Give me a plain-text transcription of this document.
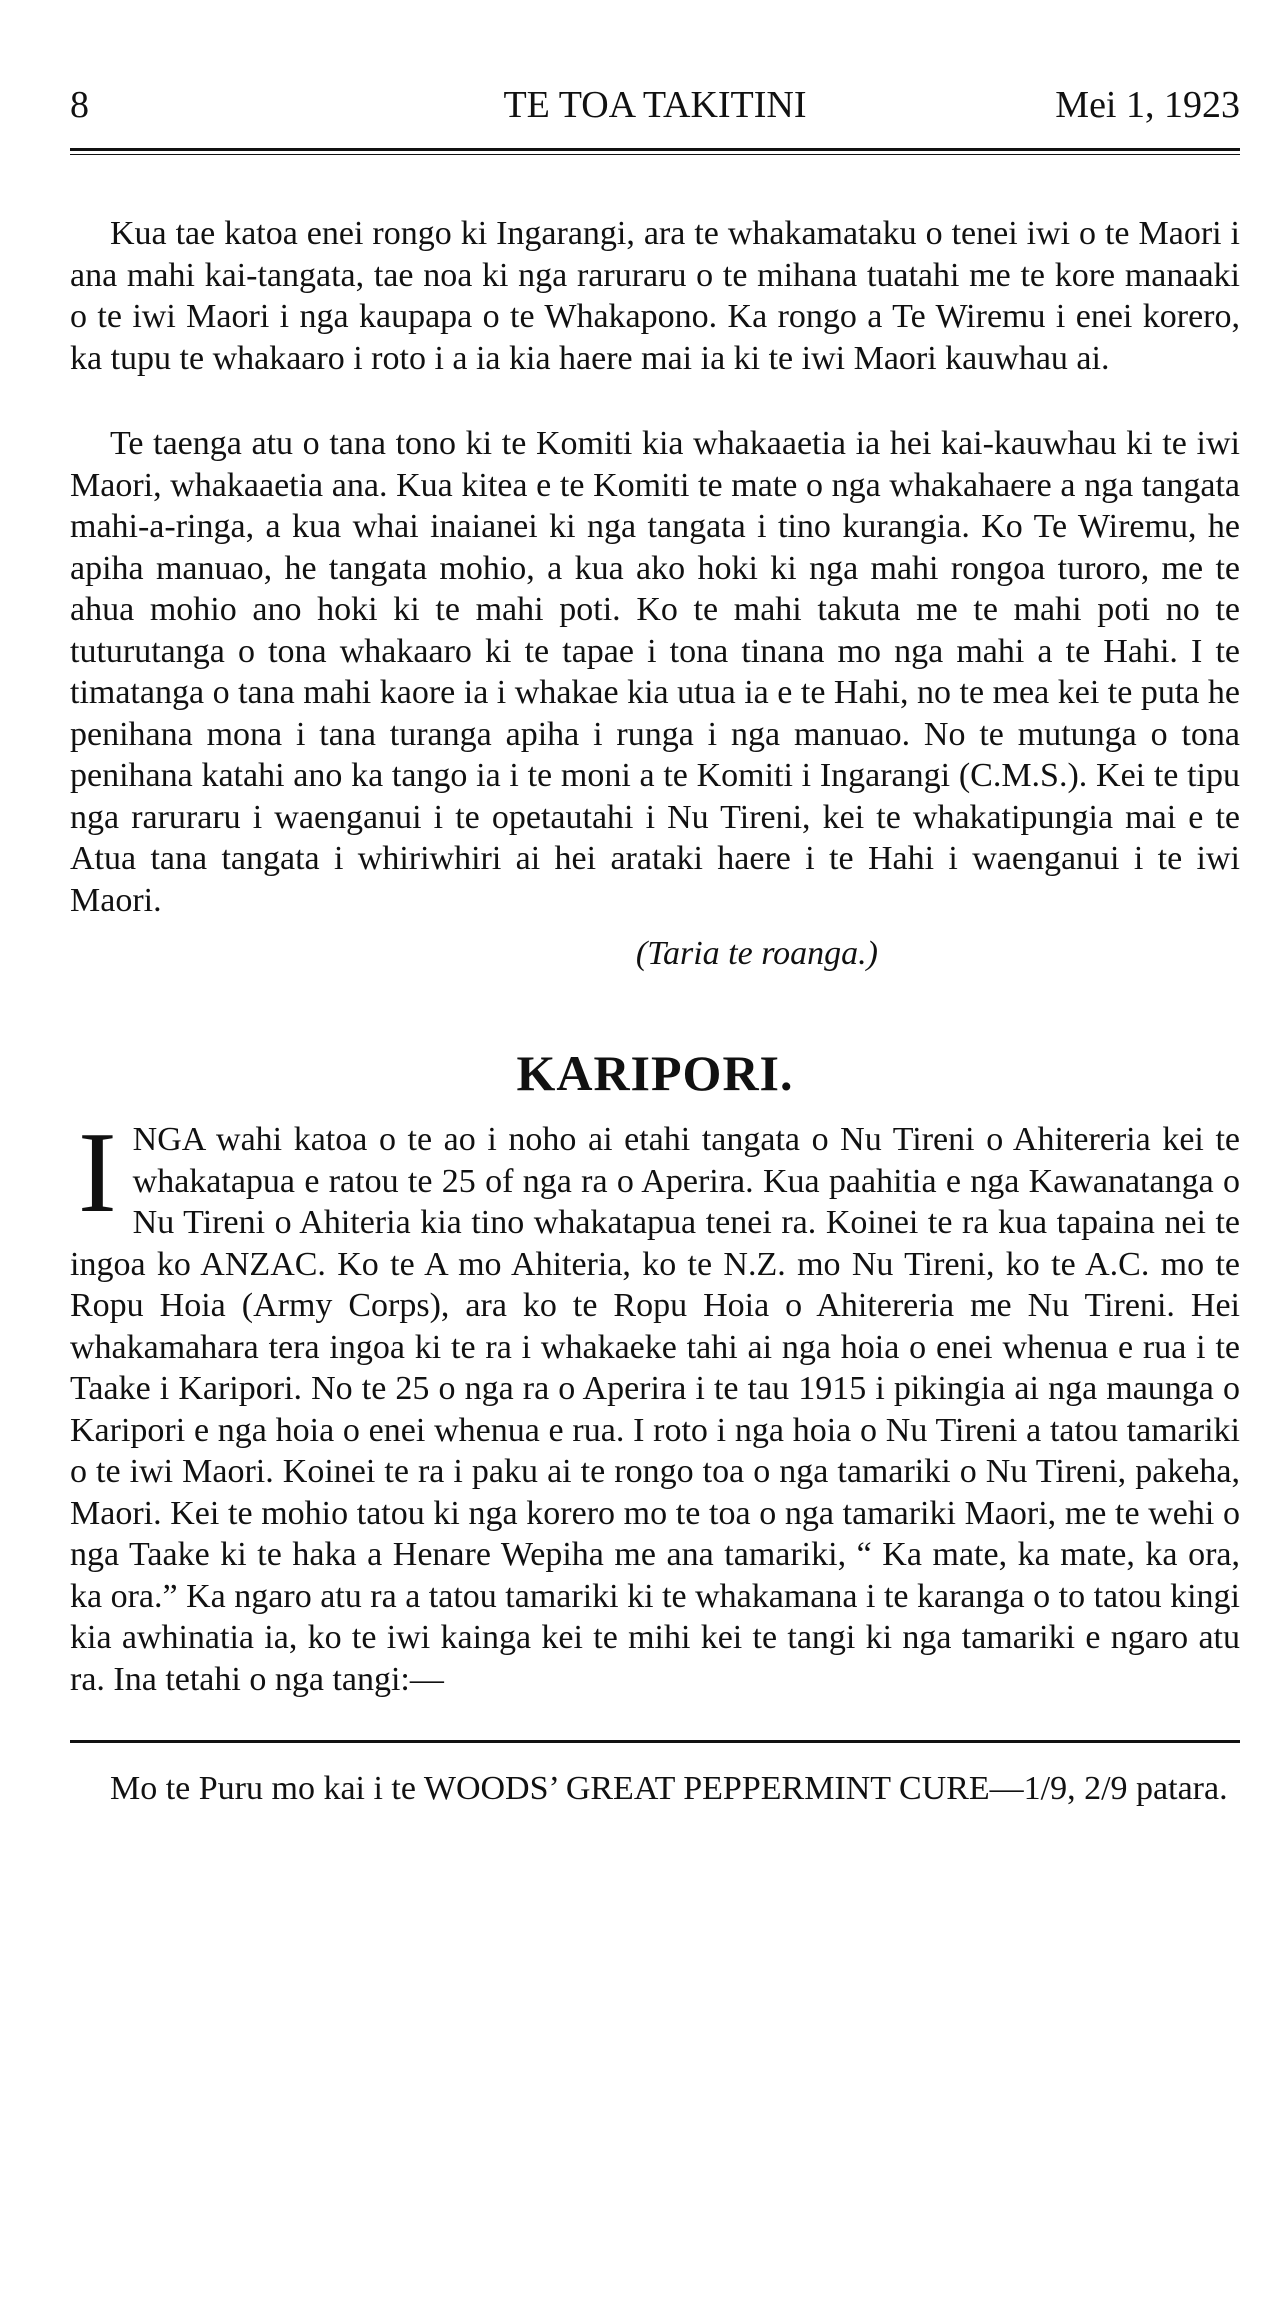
8	TE TOA TAKITINI	Mei 1, 1923

Kua tae katoa enei rongo ki Ingarangi, ara te whakamataku o tenei iwi o te Maori i ana mahi kai-tangata, tae noa ki nga raruraru o te mihana tuatahi me te kore manaaki o te iwi Maori i nga kaupapa o te Whakapono. Ka rongo a Te Wiremu i enei korero, ka tupu te whakaaro i roto i a ia kia haere mai ia ki te iwi Maori kauwhau ai.

Te taenga atu o tana tono ki te Komiti kia whakaaetia ia hei kai-kauwhau ki te iwi Maori, whakaaetia ana. Kua kitea e te Komiti te mate o nga whakahaere a nga tangata mahi-a-ringa, a kua whai inaianei ki nga tangata i tino kurangia. Ko Te Wiremu, he apiha manuao, he tangata mohio, a kua ako hoki ki nga mahi rongoa turoro, me te ahua mohio ano hoki ki te mahi poti. Ko te mahi takuta me te mahi poti no te tuturutanga o tona whakaaro ki te tapae i tona tinana mo nga mahi a te Hahi. I te timatanga o tana mahi kaore ia i whakae kia utua ia e te Hahi, no te mea kei te puta he penihana mona i tana turanga apiha i runga i nga manuao. No te mutunga o tona penihana katahi ano ka tango ia i te moni a te Komiti i Ingarangi (C.M.S.). Kei te tipu nga raruraru i waenganui i te opetautahi i Nu Tireni, kei te whakatipungia mai e te Atua tana tangata i whiriwhiri ai hei arataki haere i te Hahi i waenganui i te iwi Maori.

(Taria te roanga.)
KARIPORI.

INGA wahi katoa o te ao i noho ai etahi tangata o Nu Tireni o Ahitereria kei te whakatapua e ratou te 25 of nga ra o Aperira. Kua paahitia e nga Kawanatanga o Nu Tireni o Ahiteria kia tino whakatapua tenei ra. Koinei te ra kua tapaina nei te ingoa ko ANZAC. Ko te A mo Ahiteria, ko te N.Z. mo Nu Tireni, ko te A.C. mo te Ropu Hoia (Army Corps), ara ko te Ropu Hoia o Ahitereria me Nu Tireni. Hei whakamahara tera ingoa ki te ra i whakaeke tahi ai nga hoia o enei whenua e rua i te Taake i Karipori. No te 25 o nga ra o Aperira i te tau 1915 i pikingia ai nga maunga o Karipori e nga hoia o enei whenua e rua. I roto i nga hoia o Nu Tireni a tatou tamariki o te iwi Maori. Koinei te ra i paku ai te rongo toa o nga tamariki o Nu Tireni, pakeha, Maori. Kei te mohio tatou ki nga korero mo te toa o nga tamariki Maori, me te wehi o nga Taake ki te haka a Henare Wepiha me ana tamariki, “ Ka mate, ka mate, ka ora, ka ora.” Ka ngaro atu ra a tatou tamariki ki te whakamana i te karanga o to tatou kingi kia awhinatia ia, ko te iwi kainga kei te mihi kei te tangi ki nga tamariki e ngaro atu ra. Ina tetahi o nga tangi:—

Mo te Puru mo kai i te WOODS’ GREAT PEPPERMINT CURE—1/9, 2/9 patara.
